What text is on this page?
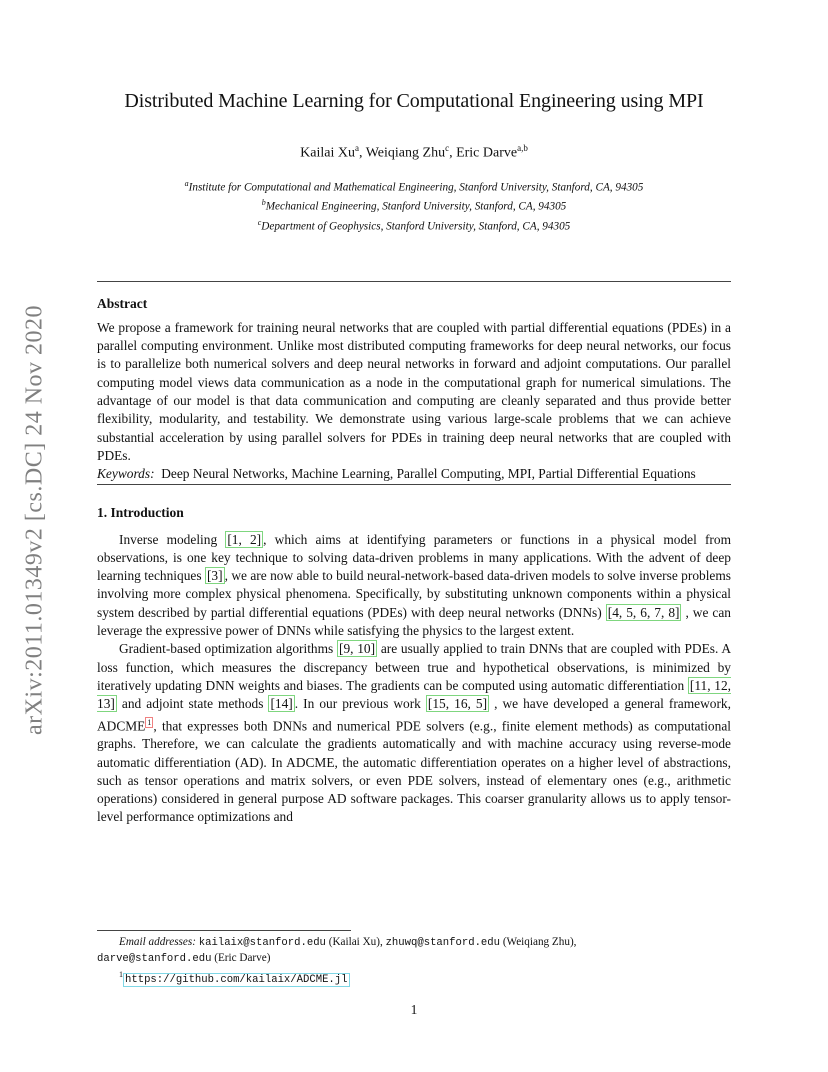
arXiv:2011.01349v2 [cs.DC] 24 Nov 2020
Distributed Machine Learning for Computational Engineering using MPI
Kailai Xu$^a$, Weiqiang Zhu$^c$, Eric Darve$^{a,b}$
$^a$Institute for Computational and Mathematical Engineering, Stanford University, Stanford, CA, 94305
$^b$Mechanical Engineering, Stanford University, Stanford, CA, 94305
$^c$Department of Geophysics, Stanford University, Stanford, CA, 94305
Abstract

We propose a framework for training neural networks that are coupled with partial differential equations (PDEs) in a parallel computing environment. Unlike most distributed computing frameworks for deep neural networks, our focus is to parallelize both numerical solvers and deep neural networks in forward and adjoint computations. Our parallel computing model views data communication as a node in the computational graph for numerical simulations. The advantage of our model is that data communication and computing are cleanly separated and thus provide better flexibility, modularity, and testability. We demonstrate using various large-scale problems that we can achieve substantial acceleration by using parallel solvers for PDEs in training deep neural networks that are coupled with PDEs.

Keywords: Deep Neural Networks, Machine Learning, Parallel Computing, MPI, Partial Differential Equations

1. Introduction

Inverse modeling [1, 2] , which aims at identifying parameters or functions in a physical model from observations, is one key technique to solving data-driven problems in many applications. With the advent of deep learning techniques [3] , we are now able to build neural-network-based data-driven models to solve inverse problems involving more complex physical phenomena. Specifically, by substituting unknown components within a physical system described by partial differential equations (PDEs) with deep neural networks (DNNs) [4, 5, 6, 7, 8] , we can leverage the expressive power of DNNs while satisfying the physics to the largest extent.

Gradient-based optimization algorithms [9, 10] are usually applied to train DNNs that are coupled with PDEs. A loss function, which measures the discrepancy between true and hypothetical observations, is minimized by iteratively updating DNN weights and biases. The gradients can be computed using automatic differentiation [11, 12, 13] and adjoint state methods [14] . In our previous work [15, 16, 5] , we have developed a general framework, ADCME $^1$ , that expresses both DNNs and numerical PDE solvers (e.g., finite element methods) as computational graphs. Therefore, we can calculate the gradients automatically and with machine accuracy using reverse-mode automatic differentiation (AD). In ADCME, the automatic differentiation operates on a higher level of abstractions, such as tensor operations and matrix solvers, or even PDE solvers, instead of elementary ones (e.g., arithmetic operations) considered in general purpose AD software packages. This coarser granularity allows us to apply tensor-level performance optimizations and

Email addresses: kailaix@stanford.edu (Kailai Xu), zhuwq@stanford.edu (Weiqiang Zhu),
darve@stanford.edu (Eric Darve)

$^1$ https://github.com/kailaix/ADCME.jl

1
